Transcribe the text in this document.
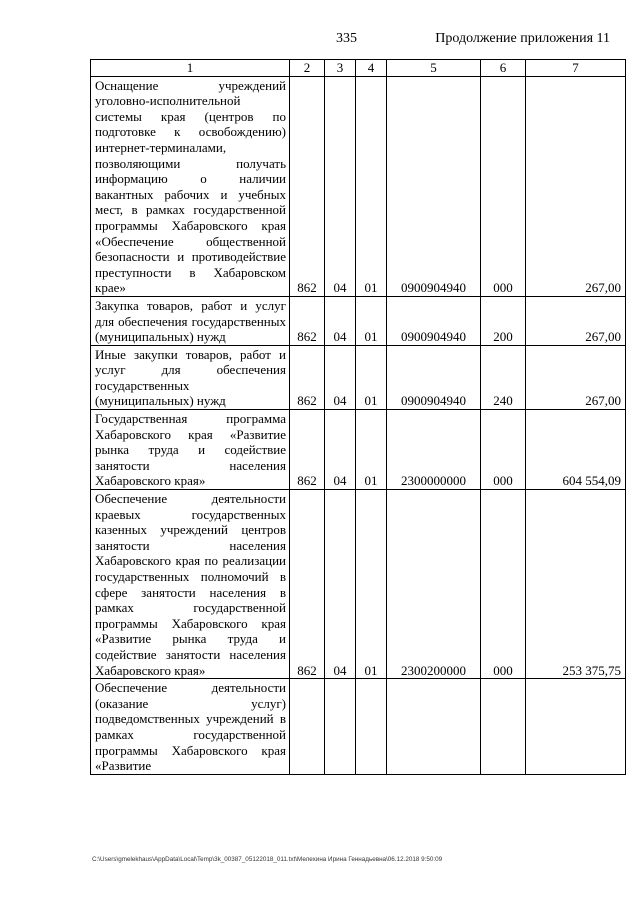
335	Продолжение приложения 11
1	2	3	4	5	6	7
Оснащение учреждений уголовно-исполнительной системы края (центров по подготовке к освобождению) интернет-терминалами, позволяющими получать информацию о наличии вакантных рабочих и учебных мест, в рамках государственной программы Хабаровского края «Обеспечение общественной безопасности и противодействие преступности в Хабаровском крае»	862	04	01	0900904940	000	267,00
Закупка товаров, работ и услуг для обеспечения государственных (муниципальных) нужд	862	04	01	0900904940	200	267,00
Иные закупки товаров, работ и услуг для обеспечения государственных (муниципальных) нужд	862	04	01	0900904940	240	267,00
Государственная программа Хабаровского края «Развитие рынка труда и содействие занятости населения Хабаровского края»	862	04	01	2300000000	000	604 554,09
Обеспечение деятельности краевых государственных казенных учреждений центров занятости населения Хабаровского края по реализации государственных полномочий в сфере занятости населения в рамках государственной программы Хабаровского края «Развитие рынка труда и содействие занятости населения Хабаровского края»	862	04	01	2300200000	000	253 375,75
Обеспечение деятельности (оказание услуг) подведомственных учреждений в рамках государственной программы Хабаровского края «Развитие						
C:\Users\gmelekhaus\AppData\Local\Temp\3k_00387_05122018_011.txt\Мелехина Ирина Геннадьевна\06.12.2018 9:50:09
